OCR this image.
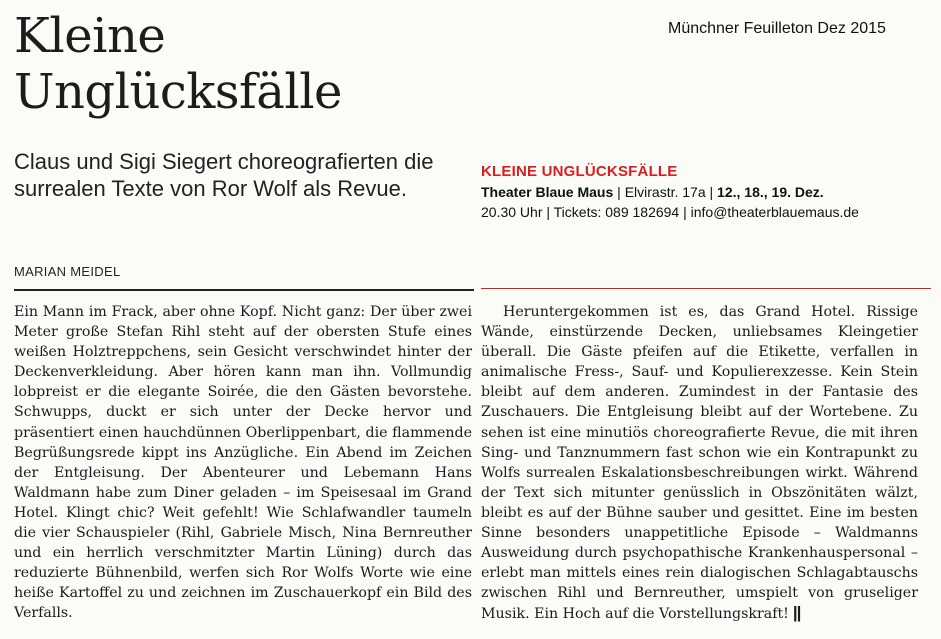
Münchner Feuilleton Dez 2015
Kleine
Unglücksfälle
Claus und Sigi Siegert choreografierten die surrealen Texte von Ror Wolf als Revue.
MARIAN MEIDEL
KLEINE UNGLÜCKSFÄLLE
Theater Blaue Maus | Elvirastr. 17a | 12., 18., 19. Dez.
20.30 Uhr | Tickets: 089 182694 | info@theaterblauemaus.de

Ein Mann im Frack, aber ohne Kopf. Nicht ganz: Der über zwei Meter große Stefan Rihl steht auf der obersten Stufe eines weißen Holztreppchens, sein Gesicht verschwindet hinter der Deckenverkleidung. Aber hören kann man ihn. Vollmundig lobpreist er die elegante Soirée, die den Gästen bevorstehe. Schwupps, duckt er sich unter der Decke hervor und präsentiert einen hauchdünnen Oberlippenbart, die flammende Begrüßungsrede kippt ins Anzügliche. Ein Abend im Zeichen der Entgleisung. Der Abenteurer und Lebemann Hans Waldmann habe zum Diner geladen – im Speisesaal im Grand Hotel. Klingt chic? Weit gefehlt! Wie Schlafwandler taumeln die vier Schauspieler (Rihl, Gabriele Misch, Nina Bernreuther und ein herrlich verschmitzter Martin Lüning) durch das reduzierte Bühnenbild, werfen sich Ror Wolfs Worte wie eine heiße Kartoffel zu und zeichnen im Zuschauerkopf ein Bild des Verfalls.

Heruntergekommen ist es, das Grand Hotel. Rissige Wände, einstürzende Decken, unliebsames Kleingetier überall. Die Gäste pfeifen auf die Etikette, verfallen in animalische Fress-, Sauf- und Kopulierexzesse. Kein Stein bleibt auf dem anderen. Zumindest in der Fantasie des Zuschauers. Die Entgleisung bleibt auf der Wortebene. Zu sehen ist eine minutiös choreografierte Revue, die mit ihren Sing- und Tanznummern fast schon wie ein Kontrapunkt zu Wolfs surrealen Eskalationsbeschreibungen wirkt. Während der Text sich mitunter genüsslich in Obszönitäten wälzt, bleibt es auf der Bühne sauber und gesittet. Eine im besten Sinne besonders unappetitliche Episode – Waldmanns Ausweidung durch psychopathische Krankenhauspersonal – erlebt man mittels eines rein dialogischen Schlagabtauschs zwischen Rihl und Bernreuther, umspielt von gruseliger Musik. Ein Hoch auf die Vorstellungskraft! ||
